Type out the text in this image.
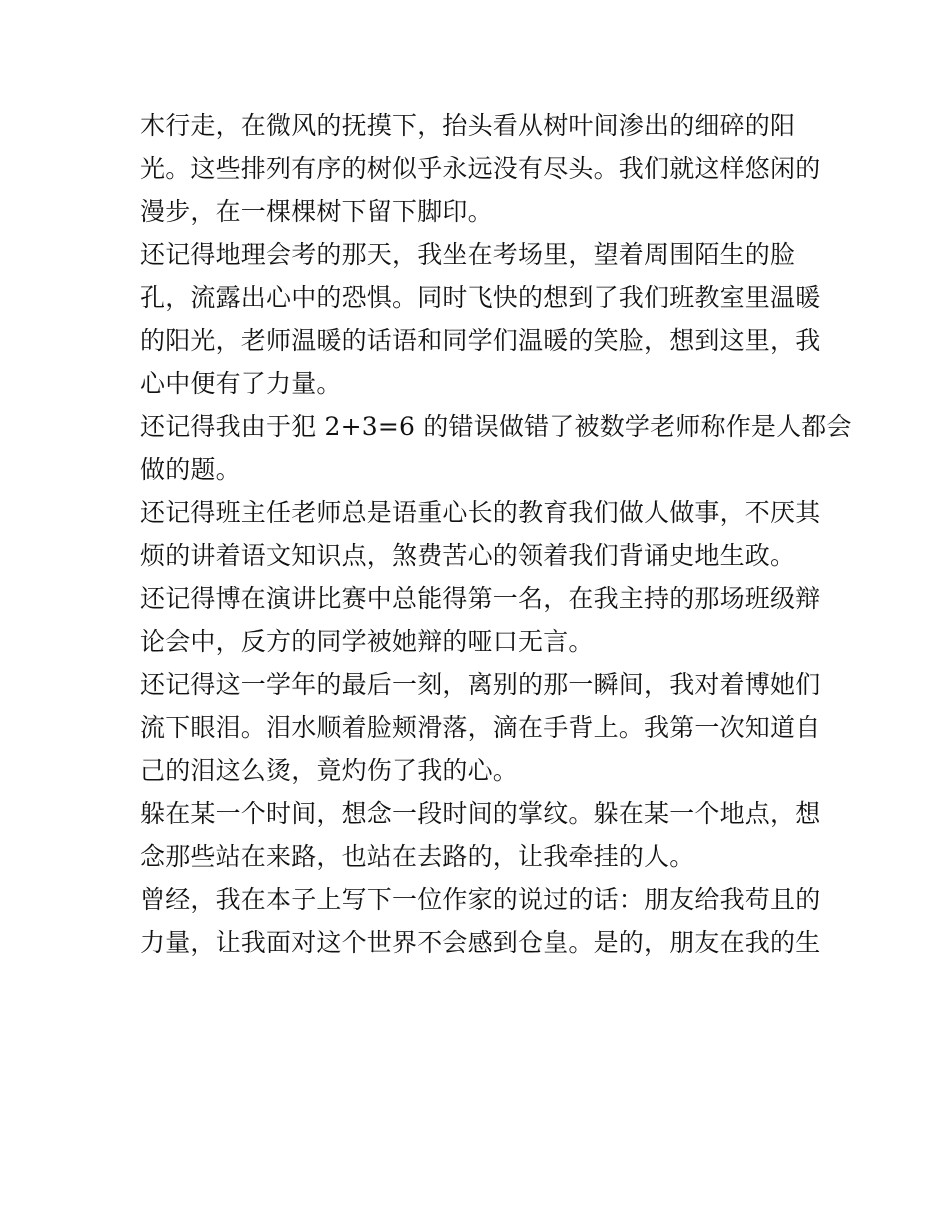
木行走，在微风的抚摸下，抬头看从树叶间渗出的细碎的阳
光。这些排列有序的树似乎永远没有尽头。我们就这样悠闲的
漫步，在一棵棵树下留下脚印。
还记得地理会考的那天，我坐在考场里，望着周围陌生的脸
孔，流露出心中的恐惧。同时飞快的想到了我们班教室里温暖
的阳光，老师温暖的话语和同学们温暖的笑脸，想到这里，我
心中便有了力量。
还记得我由于犯 2+3=6 的错误做错了被数学老师称作是人都会
做的题。
还记得班主任老师总是语重心长的教育我们做人做事，不厌其
烦的讲着语文知识点，煞费苦心的领着我们背诵史地生政。
还记得博在演讲比赛中总能得第一名，在我主持的那场班级辩
论会中，反方的同学被她辩的哑口无言。
还记得这一学年的最后一刻，离别的那一瞬间，我对着博她们
流下眼泪。泪水顺着脸颊滑落，滴在手背上。我第一次知道自
己的泪这么烫，竟灼伤了我的心。
躲在某一个时间，想念一段时间的掌纹。躲在某一个地点，想
念那些站在来路，也站在去路的，让我牵挂的人。
曾经，我在本子上写下一位作家的说过的话：朋友给我苟且的
力量，让我面对这个世界不会感到仓皇。是的，朋友在我的生
